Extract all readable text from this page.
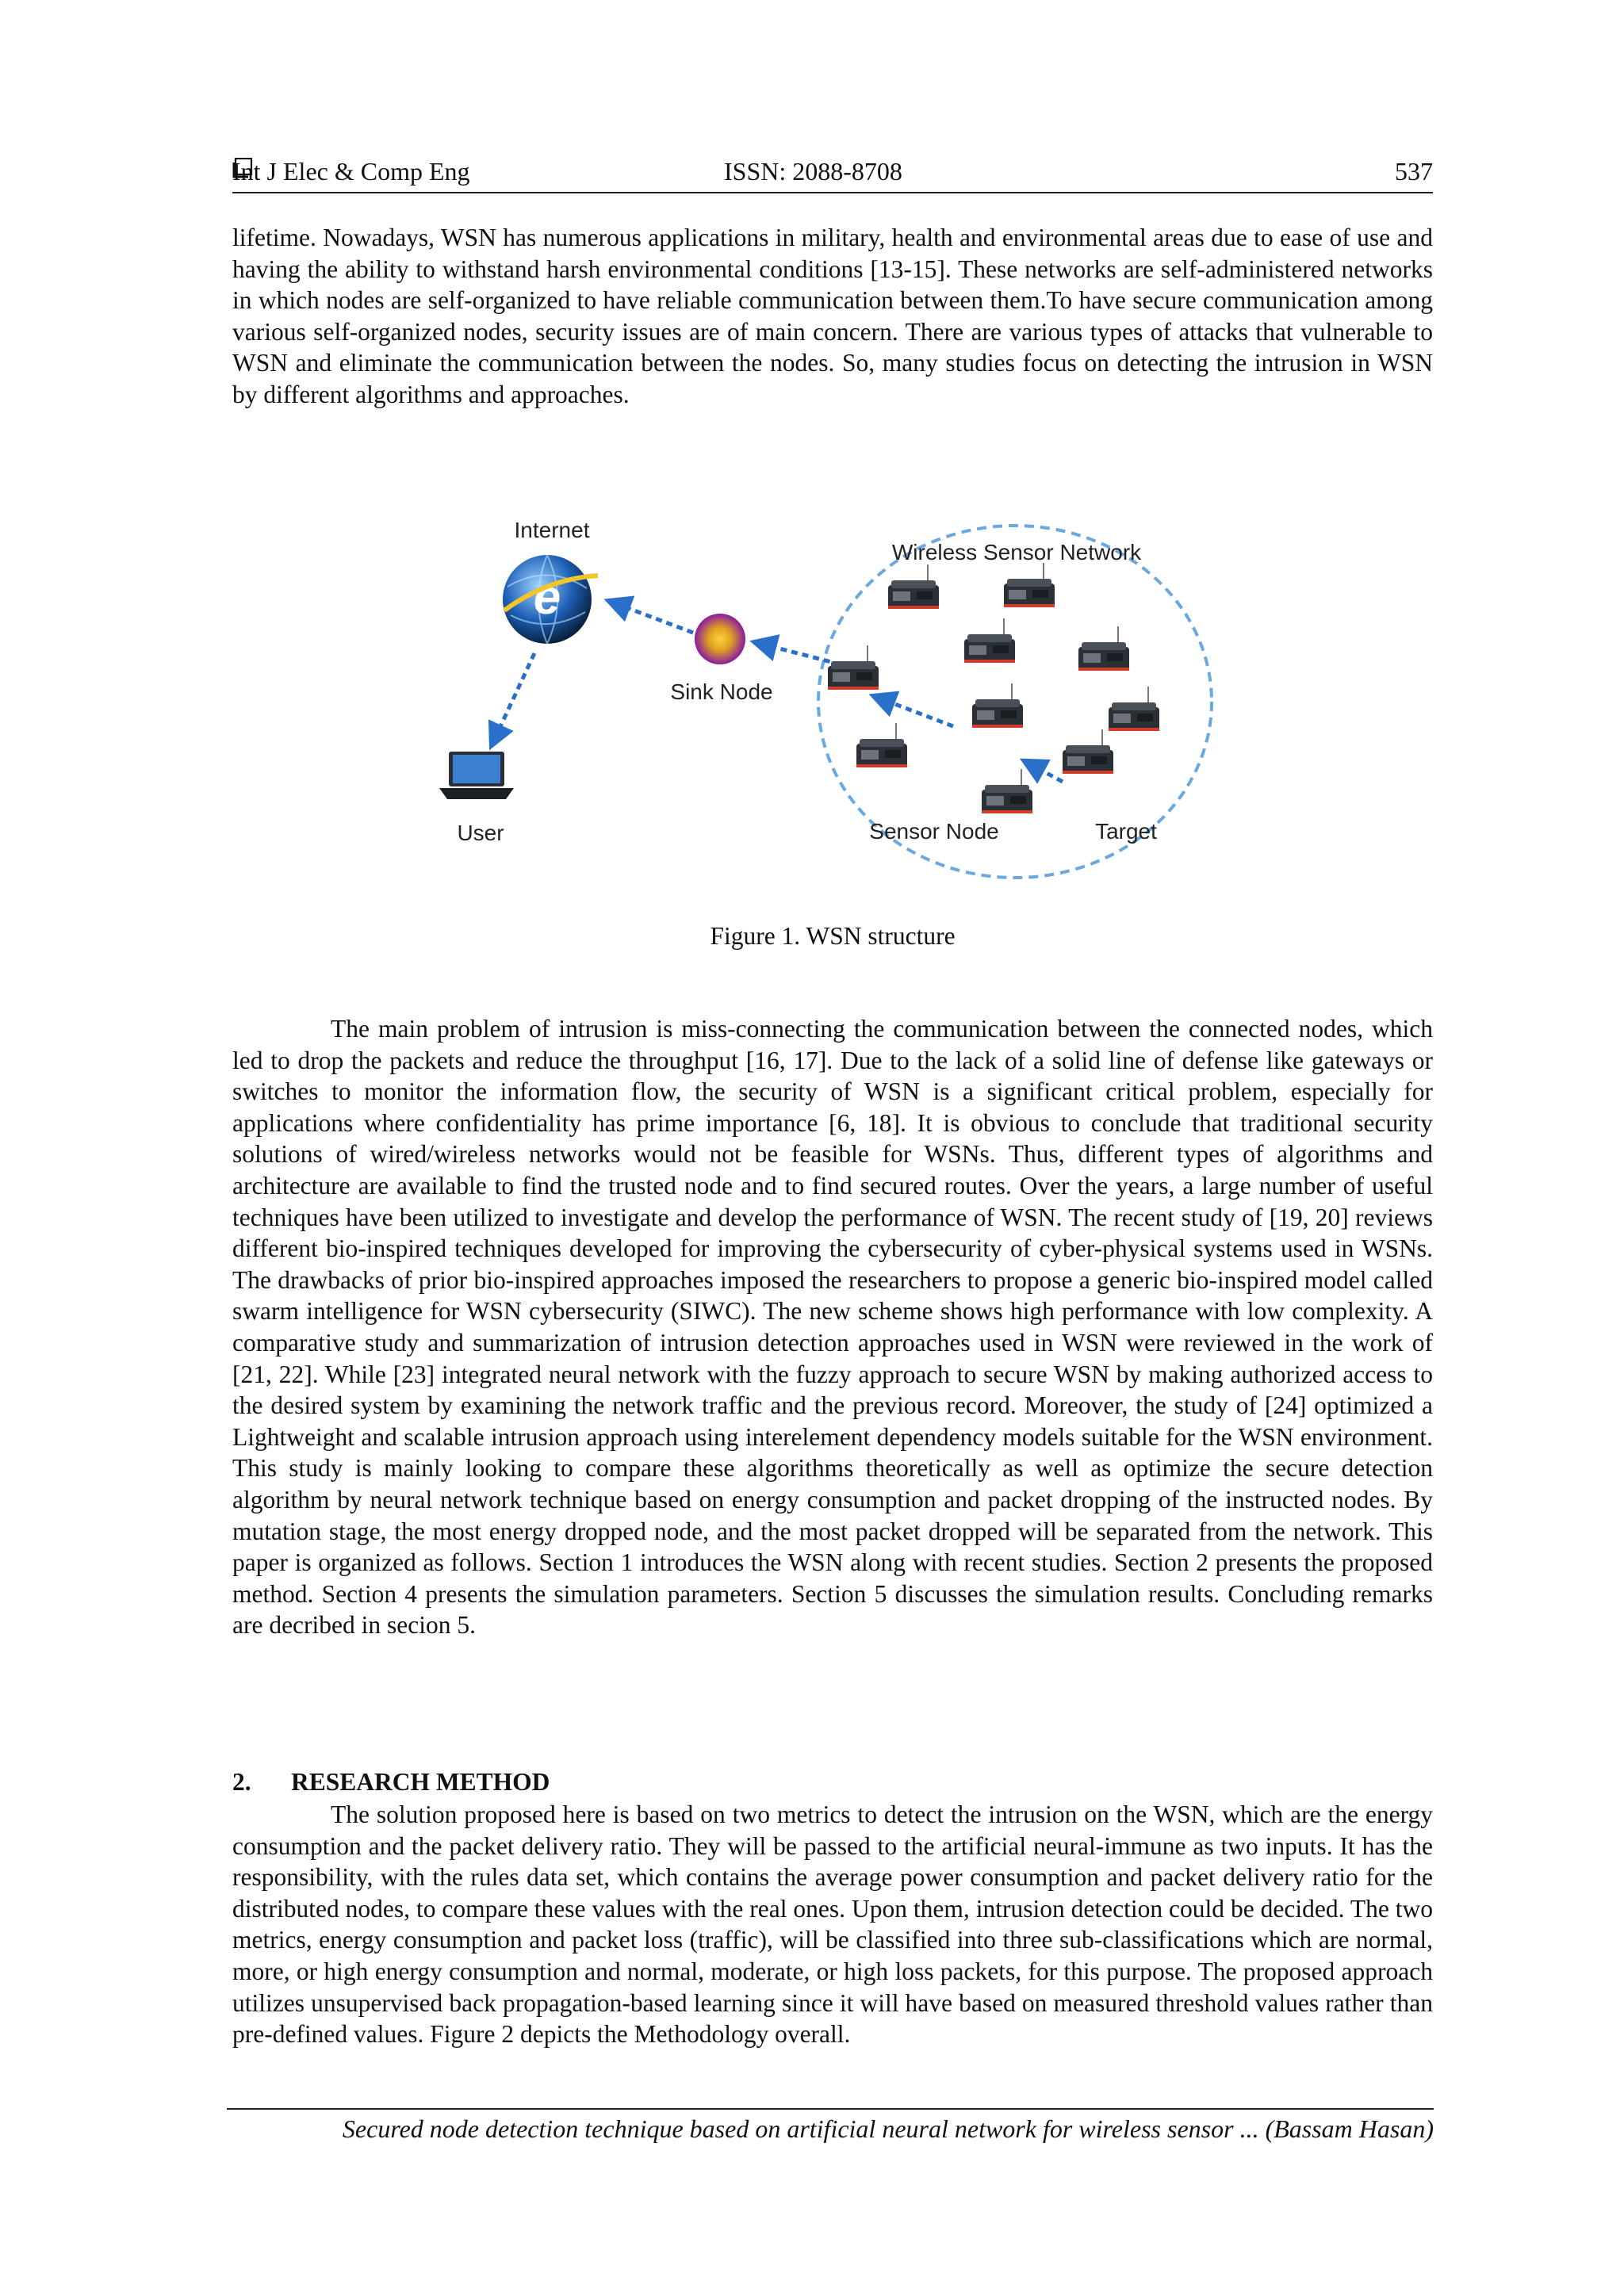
Int J Elec & Comp Eng	ISSN: 2088-8708	537

lifetime. Nowadays, WSN has numerous applications in military, health and environmental areas due to ease of use and having the ability to withstand harsh environmental conditions [13-15]. These networks are self-administered networks in which nodes are self-organized to have reliable communication between them.To have secure communication among various self-organized nodes, security issues are of main concern. There are various types of attacks that vulnerable to WSN and eliminate the communication between the nodes. So, many studies focus on detecting the intrusion in WSN by different algorithms and approaches.

e
Internet
User
Sink Node
Wireless Sensor Network
Sensor Node	Target

Figure 1. WSN structure

The main problem of intrusion is miss-connecting the communication between the connected nodes, which led to drop the packets and reduce the throughput [16, 17]. Due to the lack of a solid line of defense like gateways or switches to monitor the information flow, the security of WSN is a significant critical problem, especially for applications where confidentiality has prime importance [6, 18]. It is obvious to conclude that traditional security solutions of wired/wireless networks would not be feasible for WSNs. Thus, different types of algorithms and architecture are available to find the trusted node and to find secured routes. Over the years, a large number of useful techniques have been utilized to investigate and develop the performance of WSN. The recent study of [19, 20] reviews different bio-inspired techniques developed for improving the cybersecurity of cyber-physical systems used in WSNs. The drawbacks of prior bio-inspired approaches imposed the researchers to propose a generic bio-inspired model called swarm intelligence for WSN cybersecurity (SIWC). The new scheme shows high performance with low complexity. A comparative study and summarization of intrusion detection approaches used in WSN were reviewed in the work of [21, 22]. While [23] integrated neural network with the fuzzy approach to secure WSN by making authorized access to the desired system by examining the network traffic and the previous record. Moreover, the study of [24] optimized a Lightweight and scalable intrusion approach using interelement dependency models suitable for the WSN environment. This study is mainly looking to compare these algorithms theoretically as well as optimize the secure detection algorithm by neural network technique based on energy consumption and packet dropping of the instructed nodes. By mutation stage, the most energy dropped node, and the most packet dropped will be separated from the network. This paper is organized as follows. Section 1 introduces the WSN along with recent studies. Section 2 presents the proposed method. Section 4 presents the simulation parameters. Section 5 discusses the simulation results. Concluding remarks are decribed in secion 5.

2. RESEARCH METHOD

The solution proposed here is based on two metrics to detect the intrusion on the WSN, which are the energy consumption and the packet delivery ratio. They will be passed to the artificial neural-immune as two inputs. It has the responsibility, with the rules data set, which contains the average power consumption and packet delivery ratio for the distributed nodes, to compare these values with the real ones. Upon them, intrusion detection could be decided. The two metrics, energy consumption and packet loss (traffic), will be classified into three sub-classifications which are normal, more, or high energy consumption and normal, moderate, or high loss packets, for this purpose. The proposed approach utilizes unsupervised back propagation-based learning since it will have based on measured threshold values rather than pre-defined values. Figure 2 depicts the Methodology overall.

Secured node detection technique based on artificial neural network for wireless sensor ... (Bassam Hasan)
